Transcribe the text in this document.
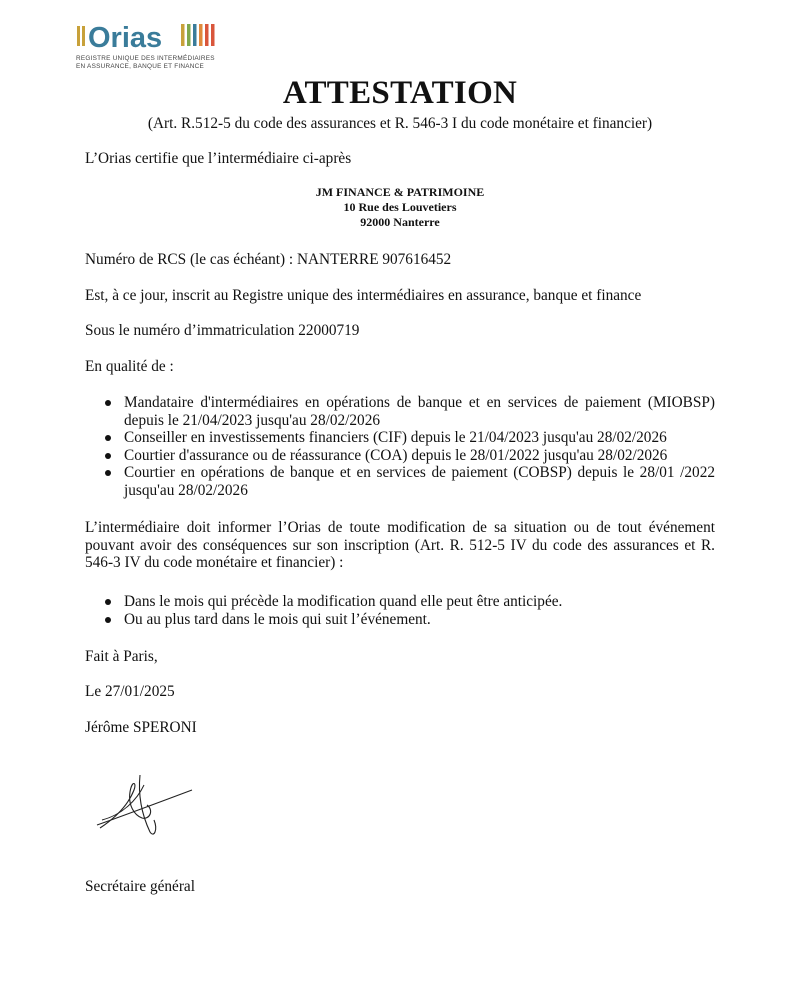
Orias
REGISTRE UNIQUE DES INTERMÉDIAIRES
EN ASSURANCE, BANQUE ET FINANCE
ATTESTATION
(Art. R.512-5 du code des assurances et R. 546-3 I du code monétaire et financier)
L’Orias certifie que l’intermédiaire ci-après
JM FINANCE & PATRIMOINE
10 Rue des Louvetiers
92000 Nanterre
Numéro de RCS (le cas échéant) : NANTERRE 907616452
Est, à ce jour, inscrit au Registre unique des intermédiaires en assurance, banque et finance
Sous le numéro d’immatriculation 22000719
En qualité de :
Mandataire d'intermédiaires en opérations de banque et en services de paiement (MIOBSP) depuis le 21/04/2023 jusqu'au 28/02/2026
Conseiller en investissements financiers (CIF) depuis le 21/04/2023 jusqu'au 28/02/2026
Courtier d'assurance ou de réassurance (COA) depuis le 28/01/2022 jusqu'au 28/02/2026
Courtier en opérations de banque et en services de paiement (COBSP) depuis le 28/01 /2022 jusqu'au 28/02/2026
L’intermédiaire doit informer l’Orias de toute modification de sa situation ou de tout événement pouvant avoir des conséquences sur son inscription (Art. R. 512-5 IV du code des assurances et R. 546-3 IV du code monétaire et financier) :
Dans le mois qui précède la modification quand elle peut être anticipée.
Ou au plus tard dans le mois qui suit l’événement.
Fait à Paris,
Le 27/01/2025
Jérôme SPERONI
Secrétaire général
